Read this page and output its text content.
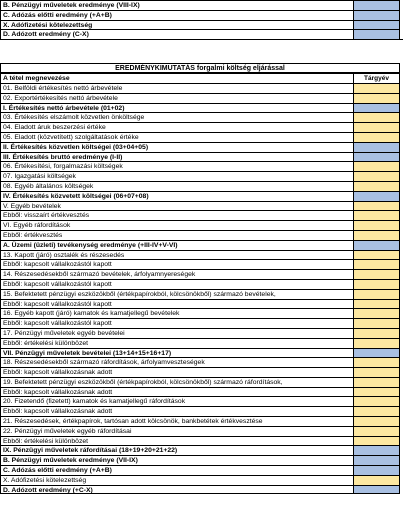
B. Pénzügyi műveletek eredménye (VIII-IX)
C. Adózás előtti eredmény (+A+B)
X. Adófizetési kötelezettség
D. Adózott eredmény (C-X)
EREDMÉNYKIMUTATÁS forgalmi költség eljárással
A tétel megnevezése	Tárgyév
01. Belföldi értékesítés nettó árbevétele
02. Exportértékesítés nettó árbevétele
I. Értékesítés nettó árbevétele (01+02)
03. Értékesítés elszámolt közvetlen önköltsége
04. Eladott áruk beszerzési értéke
05. Eladott (közvetített) szolgáltatások értéke
II. Értékesítés közvetlen költségei (03+04+05)
III. Értékesítés bruttó eredménye (I-II)
06. Értékesítési, forgalmazási költségek
07. Igazgatási költségek
08. Egyéb általános költségek
IV. Értékesítés közvetett költségei (06+07+08)
V. Egyéb bevételek
Ebből: visszaírt értékvesztés
VI. Egyéb ráfordítások
Ebből: értékvesztés
A. Üzemi (üzleti) tevékenység eredménye (+III-IV+V-VI)
13. Kapott (járó) osztalék és részesedés
Ebből: kapcsolt vállalkozástól kapott
14. Részesedésekből származó bevételek, árfolyamnyereségek
Ebből: kapcsolt vállalkozástól kapott
15. Befektetett pénzügyi eszközökből (értékpapírokból, kölcsönökből) származó bevételek,
Ebből: kapcsolt vállalkozástól kapott
16. Egyéb kapott (járó) kamatok és kamatjellegű bevételek
Ebből: kapcsolt vállalkozástól kapott
17. Pénzügyi műveletek egyéb bevételei
Ebből: értékelési különbözet
VII. Pénzügyi műveletek bevételei (13+14+15+16+17)
18. Részesedésekből származó ráfordítások, árfolyamveszteségek
Ebből: kapcsolt vállalkozásnak adott
19. Befektetett pénzügyi eszközökből (értékpapírokból, kölcsönökből) származó ráfordítások,
Ebből: kapcsolt vállalkozásnak adott
20. Fizetendő (fizetett) kamatok és kamatjellegű ráfordítások
Ebből: kapcsolt vállalkozásnak adott
21. Részesedések, értékpapírok, tartósan adott kölcsönök, bankbetétek értékvesztése
22. Pénzügyi műveletek egyéb ráfordításai
Ebből: értékelési különbözet
IX. Pénzügyi műveletek ráfordításai (18+19+20+21+22)
B. Pénzügyi műveletek eredménye (VII-IX)
C. Adózás előtti eredmény (+A+B)
X. Adófizetési kötelezettség
D. Adózott eredmény (+C-X)
